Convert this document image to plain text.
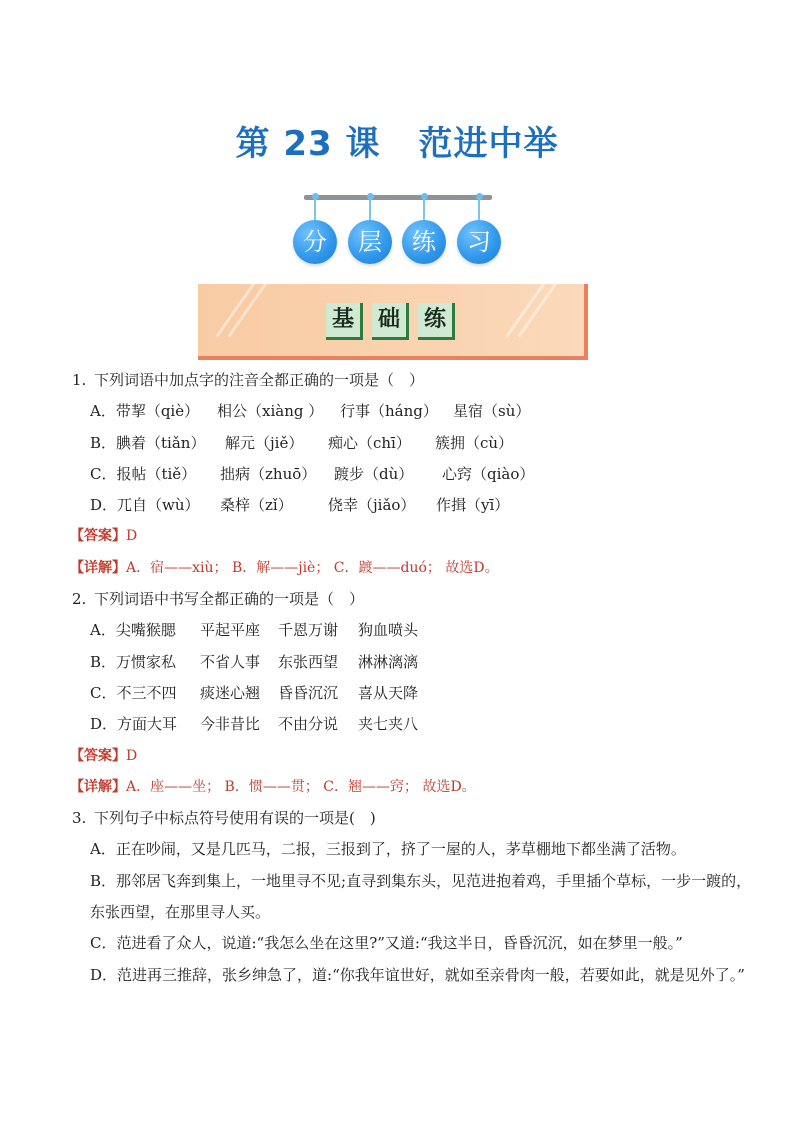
第 23 课 范进中举
分	层	练	习
基	础	练
1. 下列词语中加点字的注音全都正确的一项是（　）
A．带挈（qiè） 相公（xiàng ） 行事（háng） 星宿（sù）
B．腆着（tiǎn） 解元（jiě） 痴心（chī） 簇拥（cù）
C．报帖（tiě） 拙病（zhuō） 踱步（dù） 心窍（qiào）
D．兀自（wù） 桑梓（zǐ） 侥幸（jiǎo） 作揖（yī）
【答案】D
【详解】A．宿——xiù； B．解——jiè； C．踱——duó； 故选D。
2. 下列词语中书写全都正确的一项是（　）
A．尖嘴猴腮 平起平座 千恩万谢 狗血喷头
B．万惯家私 不省人事 东张西望 淋淋漓漓
C．不三不四 痰迷心翘 昏昏沉沉 喜从天降
D．方面大耳 今非昔比 不由分说 夹七夹八
【答案】D
【详解】A．座——坐； B．惯——贯； C．翘——窍； 故选D。
3. 下列句子中标点符号使用有误的一项是(　)
A．正在吵闹，又是几匹马，二报，三报到了，挤了一屋的人，茅草棚地下都坐满了活物。
B．那邻居飞奔到集上，一地里寻不见;直寻到集东头，见范进抱着鸡，手里插个草标，一步一踱的，东张西望，在那里寻人买。
C．范进看了众人，说道:“我怎么坐在这里?”又道:“我这半日，昏昏沉沉，如在梦里一般。”
D．范进再三推辞，张乡绅急了，道:“你我年谊世好，就如至亲骨肉一般，若要如此，就是见外了。”
